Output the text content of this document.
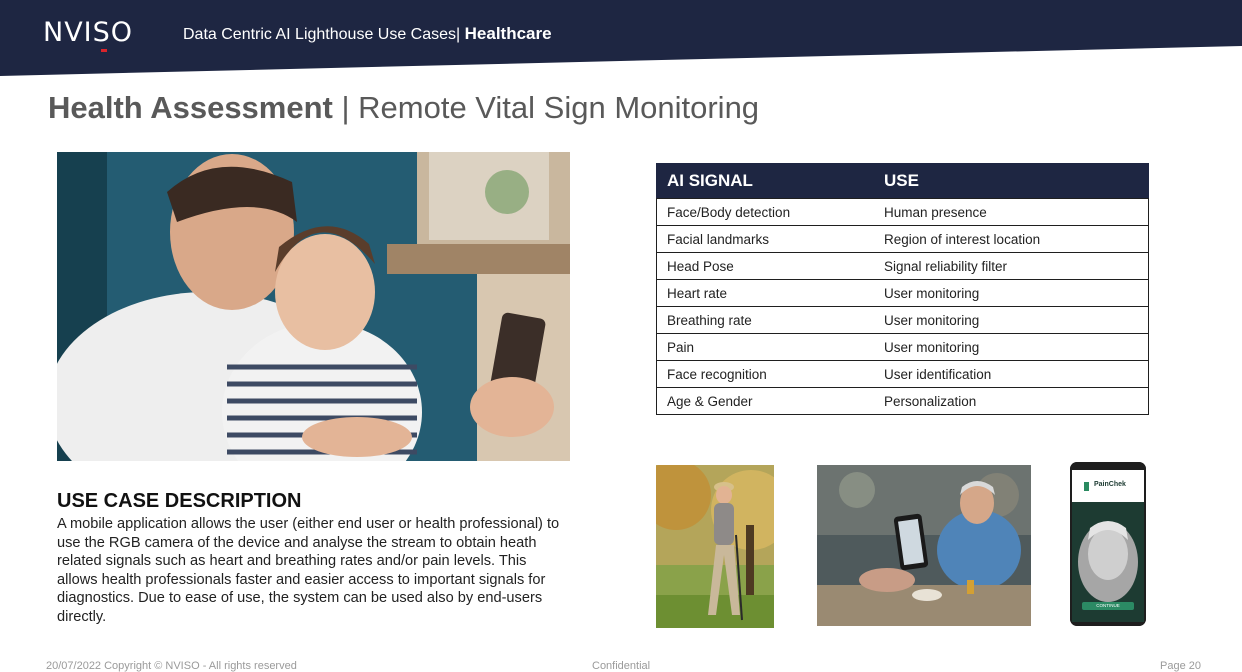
NVISO	Data Centric AI Lighthouse Use Cases| Healthcare
Health Assessment | Remote Vital Sign Monitoring
AI SIGNAL	USE
Face/Body detection	Human presence
Facial landmarks	Region of interest location
Head Pose	Signal reliability filter
Heart rate	User monitoring
Breathing rate	User monitoring
Pain	User monitoring
Face recognition	User identification
Age & Gender	Personalization
USE CASE DESCRIPTION
A mobile application allows the user (either end user or health professional) to use the RGB camera of the device and analyse the stream to obtain heath related signals such as heart and breathing rates and/or pain levels. This allows health professionals faster and easier access to important signals for diagnostics. Due to ease of use, the system can be used also by end-users directly.
PainChek
CONTINUE
20/07/2022 Copyright © NVISO - All rights reserved	Confidential	Page 20
